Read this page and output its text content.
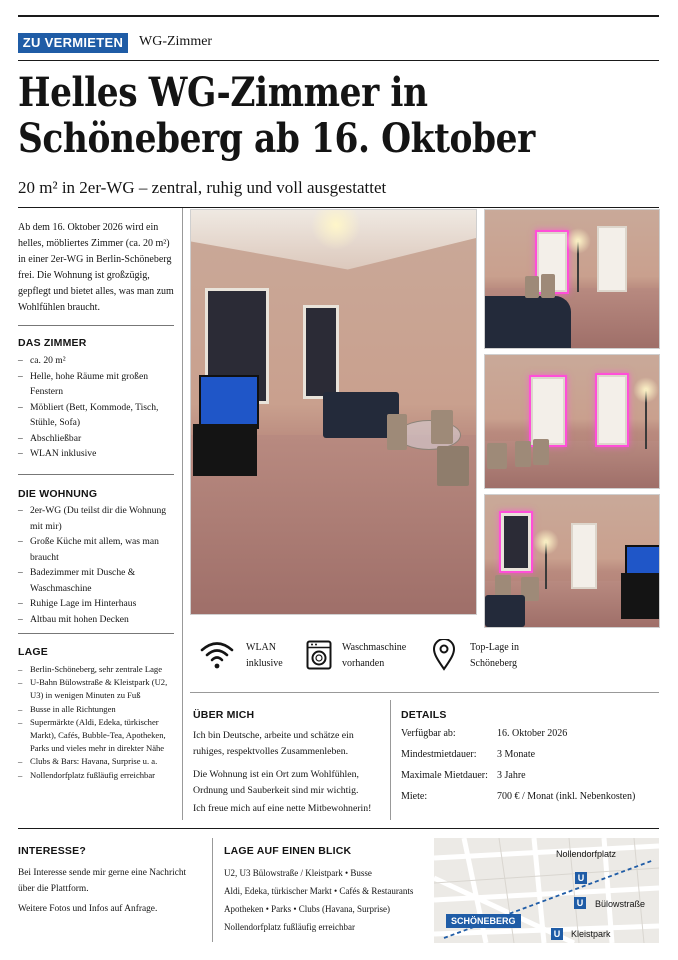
ZU VERMIETEN	WG-Zimmer
Helles WG-Zimmer in
Schöneberg ab 16. Oktober
20 m² in 2er-WG – zentral, ruhig und voll ausgestattet
Ab dem 16. Oktober 2026 wird ein helles, möbliertes Zimmer (ca. 20 m²) in einer 2er-WG in Berlin-Schöneberg frei. Die Wohnung ist großzügig, gepflegt und bietet alles, was man zum Wohlfühlen braucht.
DAS ZIMMER
– ca. 20 m²
– Helle, hohe Räume mit großen Fenstern
– Möbliert (Bett, Kommode, Tisch, Stühle, Sofa)
– Abschließbar
– WLAN inklusive
DIE WOHNUNG
– 2er-WG (Du teilst dir die Wohnung mit mir)
– Große Küche mit allem, was man braucht
– Badezimmer mit Dusche & Waschmaschine
– Ruhige Lage im Hinterhaus
– Altbau mit hohen Decken
LAGE
– Berlin-Schöneberg, sehr zentrale Lage
– U-Bahn Bülowstraße & Kleistpark (U2, U3) in wenigen Minuten zu Fuß
– Busse in alle Richtungen
– Supermärkte (Aldi, Edeka, türkischer Markt), Cafés, Bubble-Tea, Apotheken, Parks und vieles mehr in direkter Nähe
– Clubs & Bars: Havana, Surprise u. a.
– Nollendorfplatz fußläufig erreichbar
WLAN
inklusive
Waschmaschine
vorhanden
Top-Lage in
Schöneberg
ÜBER MICH
Ich bin Deutsche, arbeite und schätze ein ruhiges, respektvolles Zusammenleben.
Die Wohnung ist ein Ort zum Wohlfühlen, Ordnung und Sauberkeit sind mir wichtig.
Ich freue mich auf eine nette Mitbewohnerin!
DETAILS
Verfügbar ab:	16. Oktober 2026
Mindestmietdauer: 3 Monate
Maximale Mietdauer: 3 Jahre
Miete:	700 € / Monat (inkl. Nebenkosten)
INTERESSE?
Bei Interesse sende mir gerne eine Nachricht über die Plattform.
Weitere Fotos und Infos auf Anfrage.
LAGE AUF EINEN BLICK
U2, U3 Bülowstraße / Kleistpark • Busse
Aldi, Edeka, türkischer Markt • Cafés & Restaurants
Apotheken • Parks • Clubs (Havana, Surprise)
Nollendorfplatz fußläufig erreichbar
Nollendorfplatz
U
U	Bülowstraße
SCHÖNEBERG
U	Kleistpark
